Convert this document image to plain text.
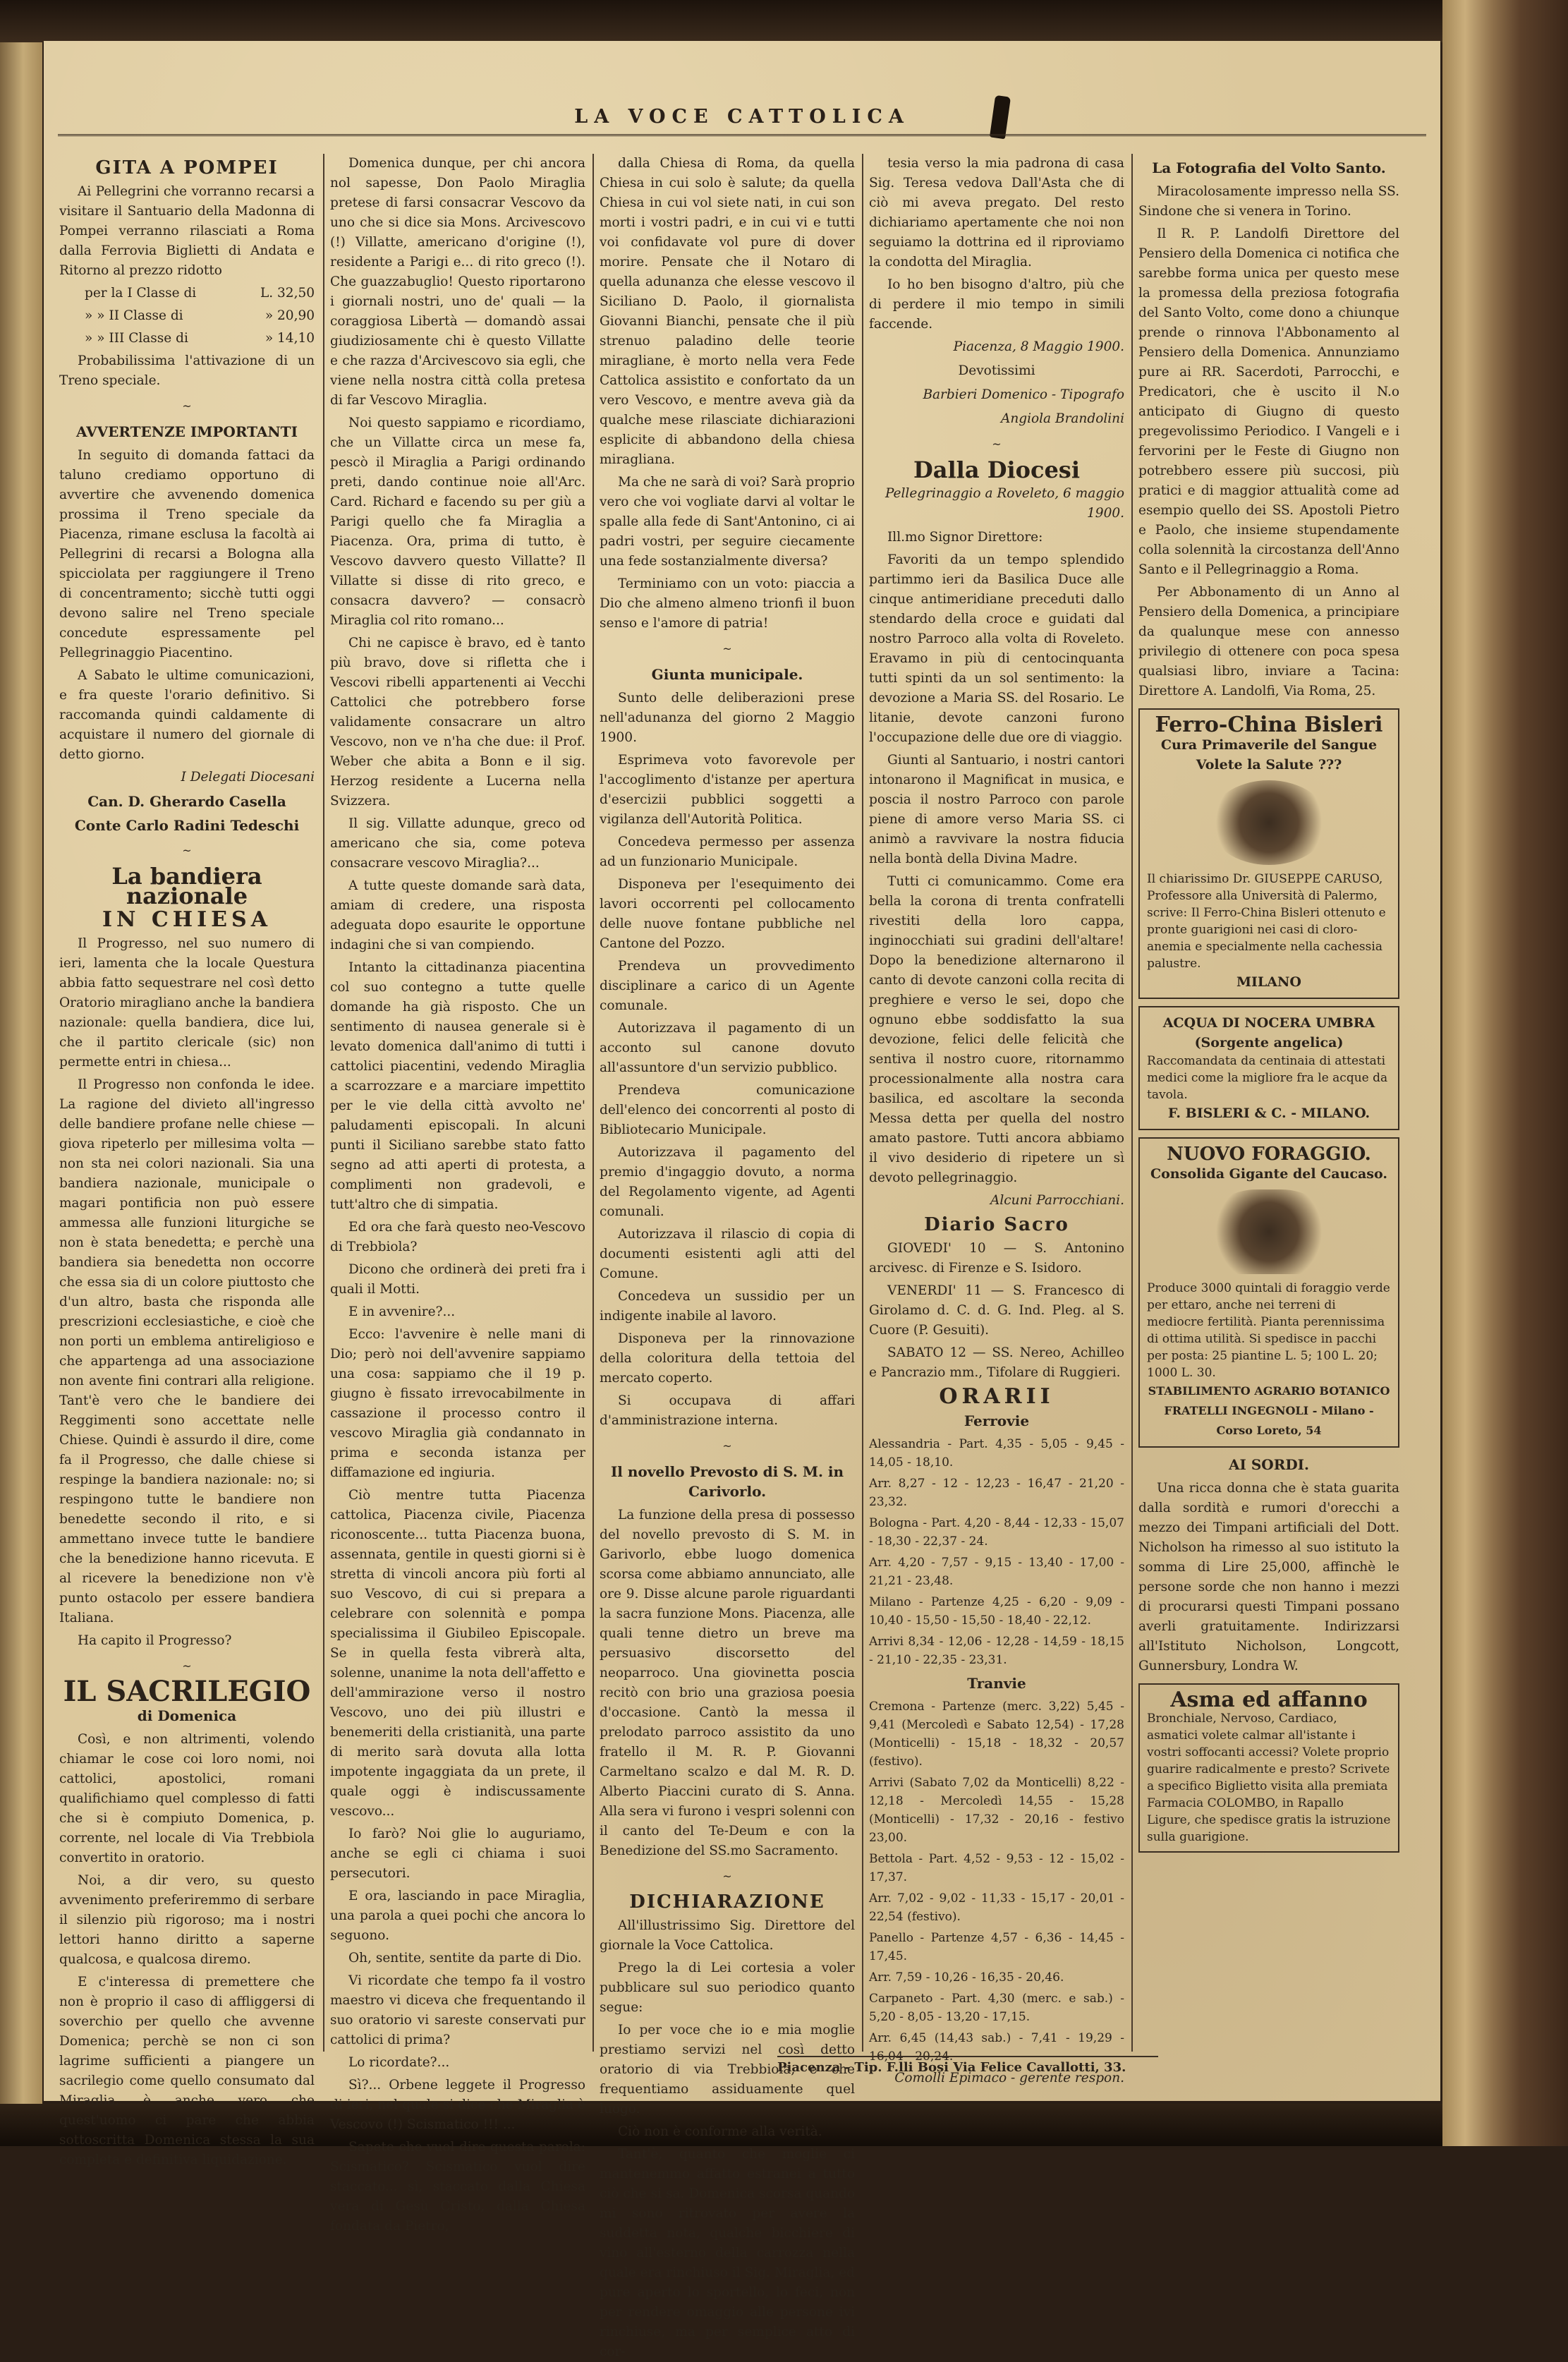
LA VOCE CATTOLICA
GITA A POMPEI

Ai Pellegrini che vorranno recarsi a visitare il Santuario della Madonna di Pompei verranno rilasciati a Roma dalla Ferrovia Biglietti di Andata e Ritorno al prezzo ridotto

per la I Classe di	L. 32,50

» » II Classe di	» 20,90

» » III Classe di	» 14,10

Probabilissima l'attivazione di un Treno speciale.

~
AVVERTENZE IMPORTANTI

In seguito di domanda fattaci da taluno crediamo opportuno di avvertire che avvenendo domenica prossima il Treno speciale da Piacenza, rimane esclusa la facoltà ai Pellegrini di recarsi a Bologna alla spicciolata per raggiungere il Treno di concentramento; sicchè tutti oggi devono salire nel Treno speciale concedute espressamente pel Pellegrinaggio Piacentino.

A Sabato le ultime comunicazioni, e fra queste l'orario definitivo. Si raccomanda quindi caldamente di acquistare il numero del giornale di detto giorno.

I Delegati Diocesani
Can. D. Gherardo Casella
Conte Carlo Radini Tedeschi
~
La bandiera nazionale
IN CHIESA

Il Progresso, nel suo numero di ieri, lamenta che la locale Questura abbia fatto sequestrare nel così detto Oratorio miragliano anche la bandiera nazionale: quella bandiera, dice lui, che il partito clericale (sic) non permette entri in chiesa...

Il Progresso non confonda le idee. La ragione del divieto all'ingresso delle bandiere profane nelle chiese — giova ripeterlo per millesima volta — non sta nei colori nazionali. Sia una bandiera nazionale, municipale o magari pontificia non può essere ammessa alle funzioni liturgiche se non è stata benedetta; e perchè una bandiera sia benedetta non occorre che essa sia di un colore piuttosto che d'un altro, basta che risponda alle prescrizioni ecclesiastiche, e cioè che non porti un emblema antireligioso e che appartenga ad una associazione non avente fini contrari alla religione. Tant'è vero che le bandiere dei Reggimenti sono accettate nelle Chiese. Quindi è assurdo il dire, come fa il Progresso, che dalle chiese si respinge la bandiera nazionale: no; si respingono tutte le bandiere non benedette secondo il rito, e si ammettano invece tutte le bandiere che la benedizione hanno ricevuta. E al ricevere la benedizione non v'è punto ostacolo per essere bandiera Italiana.

Ha capito il Progresso?

~
IL SACRILEGIO
di Domenica

Così, e non altrimenti, volendo chiamar le cose coi loro nomi, noi cattolici, apostolici, romani qualifichiamo quel complesso di fatti che si è compiuto Domenica, p. corrente, nel locale di Via Trebbiola convertito in oratorio.

Noi, a dir vero, su questo avvenimento preferiremmo di serbare il silenzio più rigoroso; ma i nostri lettori hanno diritto a saperne qualcosa, e qualcosa diremo.

E c'interessa di premettere che non è proprio il caso di affliggersi di soverchio per quello che avvenne Domenica; perchè se non ci son lagrime sufficienti a piangere un sacrilegio come quello consumato dal Miraglia, è anche vero che quest'uomo ci pare che abbia sottoscritta Domenica stessa la sua completa e definitiva liquidazione.

Domenica dunque, per chi ancora nol sapesse, Don Paolo Miraglia pretese di farsi consacrar Vescovo da uno che si dice sia Mons. Arcivescovo (!) Villatte, americano d'origine (!), residente a Parigi e... di rito greco (!). Che guazzabuglio! Questo riportarono i giornali nostri, uno de' quali — la coraggiosa Libertà — domandò assai giudiziosamente chi è questo Villatte e che razza d'Arcivescovo sia egli, che viene nella nostra città colla pretesa di far Vescovo Miraglia.

Noi questo sappiamo e ricordiamo, che un Villatte circa un mese fa, pescò il Miraglia a Parigi ordinando preti, dando continue noie all'Arc. Card. Richard e facendo su per giù a Parigi quello che fa Miraglia a Piacenza. Ora, prima di tutto, è Vescovo davvero questo Villatte? Il Villatte si disse di rito greco, e consacra davvero? — consacrò Miraglia col rito romano...

Chi ne capisce è bravo, ed è tanto più bravo, dove si rifletta che i Vescovi ribelli appartenenti ai Vecchi Cattolici che potrebbero forse validamente consacrare un altro Vescovo, non ve n'ha che due: il Prof. Weber che abita a Bonn e il sig. Herzog residente a Lucerna nella Svizzera.

Il sig. Villatte adunque, greco od americano che sia, come poteva consacrare vescovo Miraglia?...

A tutte queste domande sarà data, amiam di credere, una risposta adeguata dopo esaurite le opportune indagini che si van compiendo.

Intanto la cittadinanza piacentina col suo contegno a tutte quelle domande ha già risposto. Che un sentimento di nausea generale si è levato domenica dall'animo di tutti i cattolici piacentini, vedendo Miraglia a scarrozzare e a marciare impettito per le vie della città avvolto ne' paludamenti episcopali. In alcuni punti il Siciliano sarebbe stato fatto segno ad atti aperti di protesta, a complimenti non gradevoli, e tutt'altro che di simpatia.

Ed ora che farà questo neo-Vescovo di Trebbiola?

Dicono che ordinerà dei preti fra i quali il Motti.

E in avvenire?...

Ecco: l'avvenire è nelle mani di Dio; però noi dell'avvenire sappiamo una cosa: sappiamo che il 19 p. giugno è fissato irrevocabilmente in cassazione il processo contro il vescovo Miraglia già condannato in prima e seconda istanza per diffamazione ed ingiuria.

Ciò mentre tutta Piacenza cattolica, Piacenza civile, Piacenza riconoscente... tutta Piacenza buona, assennata, gentile in questi giorni si è stretta di vincoli ancora più forti al suo Vescovo, di cui si prepara a celebrare con solennità e pompa specialissima il Giubileo Episcopale. Se in quella festa vibrerà alta, solenne, unanime la nota dell'affetto e dell'ammirazione verso il nostro Vescovo, uno dei più illustri e benemeriti della cristianità, una parte di merito sarà dovuta alla lotta impotente ingaggiata da un prete, il quale oggi è indiscussamente vescovo...

Io farò? Noi glie lo auguriamo, anche se egli ci chiama i suoi persecutori.

E ora, lasciando in pace Miraglia, una parola a quei pochi che ancora lo seguono.

Oh, sentite, sentite da parte di Dio.

Vi ricordate che tempo fa il vostro maestro vi diceva che frequentando il suo oratorio vi sareste conservati pur cattolici di prima?

Lo ricordate?...

Sì?... Orbene leggete il Progresso di ieri, nel quale si dice che Miraglia è Vescovo (!) Scismatico !!! ...

Sapete che vuol dire questa parola: Scismatico? Scismatico vuol dire staccato... sì, staccato dalla Chiesa vera di Gesù Cristo, dalla Chiesa fondata da Pietro,

dalla Chiesa di Roma, da quella Chiesa in cui solo è salute; da quella Chiesa in cui vol siete nati, in cui son morti i vostri padri, e in cui vi e tutti voi confidavate vol pure di dover morire. Pensate che il Notaro di quella adunanza che elesse vescovo il Siciliano D. Paolo, il giornalista Giovanni Bianchi, pensate che il più strenuo paladino delle teorie miragliane, è morto nella vera Fede Cattolica assistito e confortato da un vero Vescovo, e mentre aveva già da qualche mese rilasciate dichiarazioni esplicite di abbandono della chiesa miragliana.

Ma che ne sarà di voi? Sarà proprio vero che voi vogliate darvi al voltar le spalle alla fede di Sant'Antonino, ci ai padri vostri, per seguire ciecamente una fede sostanzialmente diversa?

Terminiamo con un voto: piaccia a Dio che almeno almeno trionfi il buon senso e l'amore di patria!

~
Giunta municipale.

Sunto delle deliberazioni prese nell'adunanza del giorno 2 Maggio 1900.

Esprimeva voto favorevole per l'accoglimento d'istanze per apertura d'esercizii pubblici soggetti a vigilanza dell'Autorità Politica.

Concedeva permesso per assenza ad un funzionario Municipale.

Disponeva per l'esequimento dei lavori occorrenti pel collocamento delle nuove fontane pubbliche nel Cantone del Pozzo.

Prendeva un provvedimento disciplinare a carico di un Agente comunale.

Autorizzava il pagamento di un acconto sul canone dovuto all'assuntore d'un servizio pubblico.

Prendeva comunicazione dell'elenco dei concorrenti al posto di Bibliotecario Municipale.

Autorizzava il pagamento del premio d'ingaggio dovuto, a norma del Regolamento vigente, ad Agenti comunali.

Autorizzava il rilascio di copia di documenti esistenti agli atti del Comune.

Concedeva un sussidio per un indigente inabile al lavoro.

Disponeva per la rinnovazione della coloritura della tettoia del mercato coperto.

Si occupava di affari d'amministrazione interna.

~
Il novello Prevosto di S. M. in Carivorlo.

La funzione della presa di possesso del novello prevosto di S. M. in Garivorlo, ebbe luogo domenica scorsa come abbiamo annunciato, alle ore 9. Disse alcune parole riguardanti la sacra funzione Mons. Piacenza, alle quali tenne dietro un breve ma persuasivo discorsetto del neoparroco. Una giovinetta poscia recitò con brio una graziosa poesia d'occasione. Cantò la messa il prelodato parroco assistito da uno fratello il M. R. P. Giovanni Carmeltano scalzo e dal M. R. D. Alberto Piaccini curato di S. Anna. Alla sera vi furono i vespri solenni con il canto del Te-Deum e con la Benedizione del SS.mo Sacramento.

~
DICHIARAZIONE

All'illustrissimo Sig. Direttore del giornale la Voce Cattolica.

Prego la di Lei cortesia a voler pubblicare sul suo periodico quanto segue:

Io per voce che io e mia moglie prestiamo servizi nel così detto oratorio di via Trebbiola, e che frequentiamo assiduamente quel luogo.

Ciò non è conforme alla verità.

Tant'è, quanto che moglie ci mantenemmo affatto estranei a tutto ciò che si sa. Domenica scorsa quando mi sono ritrovato per avere la suddetta nota, qualche bicchiere di vino all'esterno della carrozza nella quale era rinchiuso il Sig. Miraglia, ed pure aperto lo sportello, lo feci, non per rendere omaggio alle persone ivi rinchiuse, ma per semplice atto di cor-

tesia verso la mia padrona di casa Sig. Teresa vedova Dall'Asta che di ciò mi aveva pregato. Del resto dichiariamo apertamente che noi non seguiamo la dottrina ed il riproviamo la condotta del Miraglia.

Io ho ben bisogno d'altro, più che di perdere il mio tempo in simili faccende.

Piacenza, 8 Maggio 1900.
Devotissimi
Barbieri Domenico - Tipografo
Angiola Brandolini
~
Dalla Diocesi
Pellegrinaggio a Roveleto, 6 maggio 1900.

Ill.mo Signor Direttore:

Favoriti da un tempo splendido partimmo ieri da Basilica Duce alle cinque antimeridiane preceduti dallo stendardo della croce e guidati dal nostro Parroco alla volta di Roveleto. Eravamo in più di centocinquanta tutti spinti da un sol sentimento: la devozione a Maria SS. del Rosario. Le litanie, devote canzoni furono l'occupazione delle due ore di viaggio.

Giunti al Santuario, i nostri cantori intonarono il Magnificat in musica, e poscia il nostro Parroco con parole piene di amore verso Maria SS. ci animò a ravvivare la nostra fiducia nella bontà della Divina Madre.

Tutti ci comunicammo. Come era bella la corona di trenta confratelli rivestiti della loro cappa, inginocchiati sui gradini dell'altare! Dopo la benedizione alternarono il canto di devote canzoni colla recita di preghiere e verso le sei, dopo che ognuno ebbe soddisfatto la sua devozione, felici delle felicità che sentiva il nostro cuore, ritornammo processionalmente alla nostra cara basilica, ed ascoltare la seconda Messa detta per quella del nostro amato pastore. Tutti ancora abbiamo il vivo desiderio di ripetere un sì devoto pellegrinaggio.

Alcuni Parrocchiani.
Diario Sacro

GIOVEDI' 10 — S. Antonino arcivesc. di Firenze e S. Isidoro.

VENERDI' 11 — S. Francesco di Girolamo d. C. d. G. Ind. Pleg. al S. Cuore (P. Gesuiti).

SABATO 12 — SS. Nereo, Achilleo e Pancrazio mm., Tifolare di Ruggieri.

ORARII
Ferrovie

Alessandria - Part. 4,35 - 5,05 - 9,45 - 14,05 - 18,10.

Arr. 8,27 - 12 - 12,23 - 16,47 - 21,20 - 23,32.

Bologna - Part. 4,20 - 8,44 - 12,33 - 15,07 - 18,30 - 22,37 - 24.

Arr. 4,20 - 7,57 - 9,15 - 13,40 - 17,00 - 21,21 - 23,48.

Milano - Partenze 4,25 - 6,20 - 9,09 - 10,40 - 15,50 - 15,50 - 18,40 - 22,12.

Arrivi 8,34 - 12,06 - 12,28 - 14,59 - 18,15 - 21,10 - 22,35 - 23,31.

Tranvie

Cremona - Partenze (merc. 3,22) 5,45 - 9,41 (Mercoledì e Sabato 12,54) - 17,28 (Monticelli) - 15,18 - 18,32 - 20,57 (festivo).

Arrivi (Sabato 7,02 da Monticelli) 8,22 - 12,18 - Mercoledì 14,55 - 15,28 (Monticelli) - 17,32 - 20,16 - festivo 23,00.

Bettola - Part. 4,52 - 9,53 - 12 - 15,02 - 17,37.

Arr. 7,02 - 9,02 - 11,33 - 15,17 - 20,01 - 22,54 (festivo).

Panello - Partenze 4,57 - 6,36 - 14,45 - 17,45.

Arr. 7,59 - 10,26 - 16,35 - 20,46.

Carpaneto - Part. 4,30 (merc. e sab.) - 5,20 - 8,05 - 13,20 - 17,15.

Arr. 6,45 (14,43 sab.) - 7,41 - 19,29 - 16,04 - 20,24.

Comolli Epimaco - gerente respon.
Piacenza - Tip. F.lli Bosi Via Felice Cavallotti, 33.
La Fotografia del Volto Santo.

Miracolosamente impresso nella SS. Sindone che si venera in Torino.

Il R. P. Landolfi Direttore del Pensiero della Domenica ci notifica che sarebbe forma unica per questo mese la promessa della preziosa fotografia del Santo Volto, come dono a chiunque prende o rinnova l'Abbonamento al Pensiero della Domenica. Annunziamo pure ai RR. Sacerdoti, Parrocchi, e Predicatori, che è uscito il N.o anticipato di Giugno di questo pregevolissimo Periodico. I Vangeli e i fervorini per le Feste di Giugno non potrebbero essere più succosi, più pratici e di maggior attualità come ad esempio quello dei SS. Apostoli Pietro e Paolo, che insieme stupendamente colla solennità la circostanza dell'Anno Santo e il Pellegrinaggio a Roma.

Per Abbonamento di un Anno al Pensiero della Domenica, a principiare da qualunque mese con annesso privilegio di ottenere con poca spesa qualsiasi libro, inviare a Tacina: Direttore A. Landolfi, Via Roma, 25.

Ferro-China Bisleri
Cura Primaverile del Sangue
Volete la Salute ???
Il chiarissimo Dr. GIUSEPPE CARUSO, Professore alla Università di Palermo, scrive: Il Ferro-China Bisleri ottenuto e pronte guarigioni nei casi di cloro-anemia e specialmente nella cachessia palustre.
MILANO
ACQUA DI NOCERA UMBRA (Sorgente angelica)
Raccomandata da centinaia di attestati medici come la migliore fra le acque da tavola.
F. BISLERI & C. - MILANO.
NUOVO FORAGGIO.
Consolida Gigante del Caucaso.
Produce 3000 quintali di foraggio verde per ettaro, anche nei terreni di mediocre fertilità. Pianta perennissima di ottima utilità. Si spedisce in pacchi per posta: 25 piantine L. 5; 100 L. 20; 1000 L. 30.
STABILIMENTO AGRARIO BOTANICO FRATELLI INGEGNOLI - Milano - Corso Loreto, 54
AI SORDI.

Una ricca donna che è stata guarita dalla sordità e rumori d'orecchi a mezzo dei Timpani artificiali del Dott. Nicholson ha rimesso al suo istituto la somma di Lire 25,000, affinchè le persone sorde che non hanno i mezzi di procurarsi questi Timpani possano averli gratuitamente. Indirizzarsi all'Istituto Nicholson, Longcott, Gunnersbury, Londra W.

Asma ed affanno
Bronchiale, Nervoso, Cardiaco, asmatici volete calmar all'istante i vostri soffocanti accessi? Volete proprio guarire radicalmente e presto? Scrivete a specifico Biglietto visita alla premiata Farmacia COLOMBO, in Rapallo Ligure, che spedisce gratis la istruzione sulla guarigione.
